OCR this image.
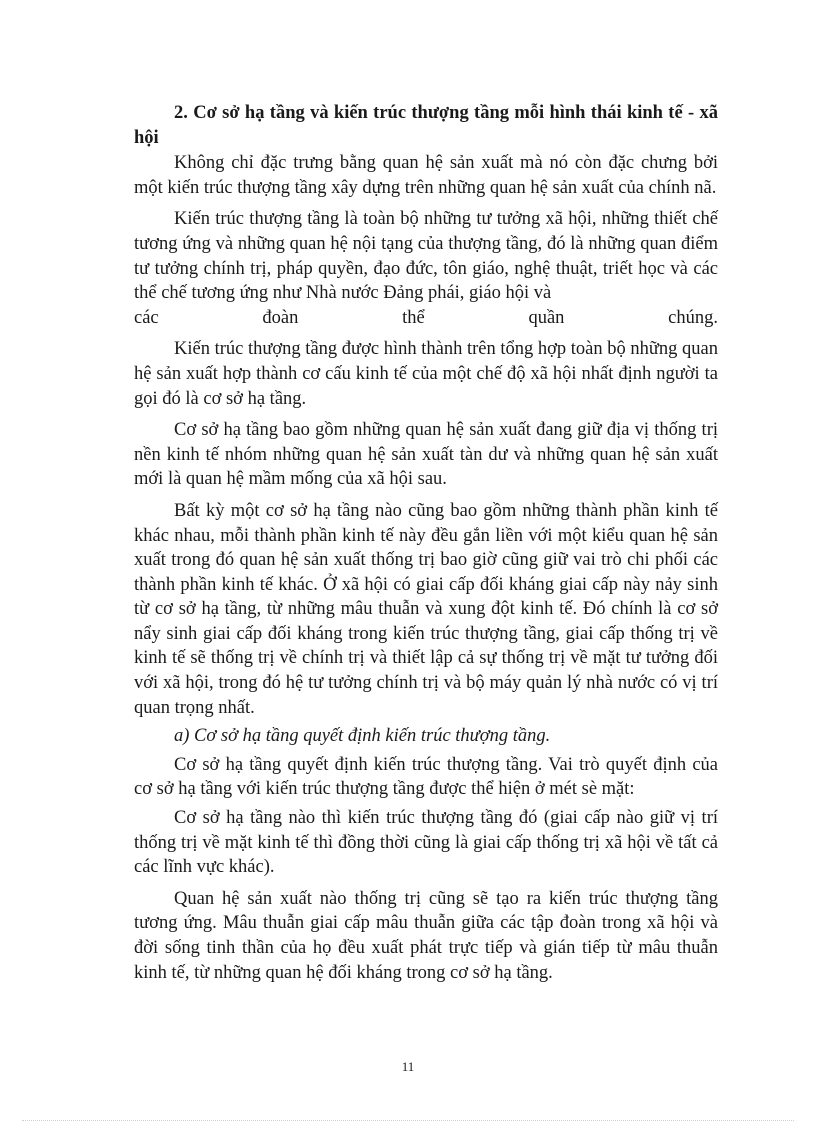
2. Cơ sở hạ tầng và kiến trúc thượng tầng mỗi hình thái kinh tế - xã hội

Không chỉ đặc trưng bằng quan hệ sản xuất mà nó còn đặc chưng bởi một kiến trúc thượng tầng xây dựng trên những quan hệ sản xuất của chính nã.

Kiến trúc thượng tầng là toàn bộ những tư tưởng xã hội, những thiết chế tương ứng và những quan hệ nội tạng của thượng tầng, đó là những quan điểm tư tưởng chính trị, pháp quyền, đạo đức, tôn giáo, nghệ thuật, triết học và các thể chế tương ứng như Nhà nước Đảng phái, giáo hội và
các đoàn thể quần chúng.

Kiến trúc thượng tầng được hình thành trên tổng hợp toàn bộ những quan hệ sản xuất hợp thành cơ cấu kinh tế của một chế độ xã hội nhất định người ta gọi đó là cơ sở hạ tầng.

Cơ sở hạ tầng bao gồm những quan hệ sản xuất đang giữ địa vị thống trị nền kinh tế nhóm những quan hệ sản xuất tàn dư và những quan hệ sản xuất mới là quan hệ mầm mống của xã hội sau.

Bất kỳ một cơ sở hạ tầng nào cũng bao gồm những thành phần kinh tế khác nhau, mỗi thành phần kinh tế này đều gắn liền với một kiểu quan hệ sản xuất trong đó quan hệ sản xuất thống trị bao giờ cũng giữ vai trò chi phối các thành phần kinh tế khác. Ở xã hội có giai cấp đối kháng giai cấp này nảy sinh từ cơ sở hạ tầng, từ những mâu thuẫn và xung đột kinh tế. Đó chính là cơ sở nẩy sinh giai cấp đối kháng trong kiến trúc thượng tầng, giai cấp thống trị về kinh tế sẽ thống trị về chính trị và thiết lập cả sự thống trị về mặt tư tưởng đối với xã hội, trong đó hệ tư tưởng chính trị và bộ máy quản lý nhà nước có vị trí quan trọng nhất.

a) Cơ sở hạ tầng quyết định kiến trúc thượng tầng.

Cơ sở hạ tầng quyết định kiến trúc thượng tầng. Vai trò quyết định của cơ sở hạ tầng với kiến trúc thượng tầng được thể hiện ở mét sè mặt:

Cơ sở hạ tầng nào thì kiến trúc thượng tầng đó (giai cấp nào giữ vị trí thống trị về mặt kinh tế thì đồng thời cũng là giai cấp thống trị xã hội về tất cả các lĩnh vực khác).

Quan hệ sản xuất nào thống trị cũng sẽ tạo ra kiến trúc thượng tầng tương ứng. Mâu thuẫn giai cấp mâu thuẫn giữa các tập đoàn trong xã hội và đời sống tinh thần của họ đều xuất phát trực tiếp và gián tiếp từ mâu thuẫn kinh tế, từ những quan hệ đối kháng trong cơ sở hạ tầng.

11
